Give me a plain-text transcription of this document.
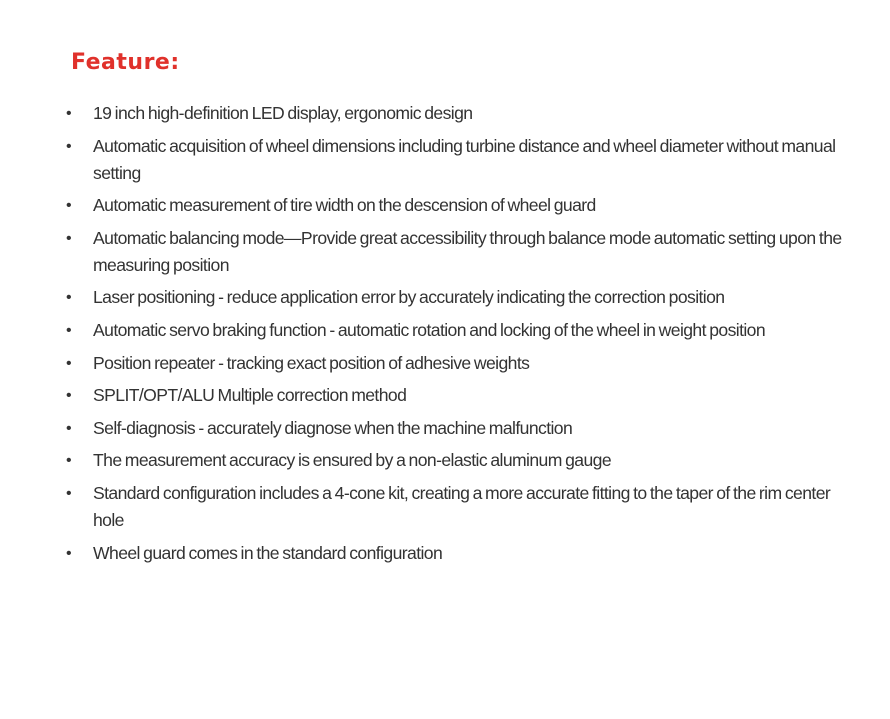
Feature:
•	19 inch high-definition LED display, ergonomic design
•	Automatic acquisition of wheel dimensions including turbine distance and wheel diameter without manual setting
•	Automatic measurement of tire width on the descension of wheel guard
•	Automatic balancing mode—Provide great accessibility through balance mode automatic setting upon the measuring position
•	Laser positioning - reduce application error by accurately indicating the correction position
•	Automatic servo braking function - automatic rotation and locking of the wheel in weight position
•	Position repeater - tracking exact position of adhesive weights
•	SPLIT/OPT/ALU Multiple correction method
•	Self-diagnosis - accurately diagnose when the machine malfunction
•	The measurement accuracy is ensured by a non-elastic aluminum gauge
•	Standard configuration includes a 4-cone kit, creating a more accurate fitting to the taper of the rim center hole
•	Wheel guard comes in the standard configuration
